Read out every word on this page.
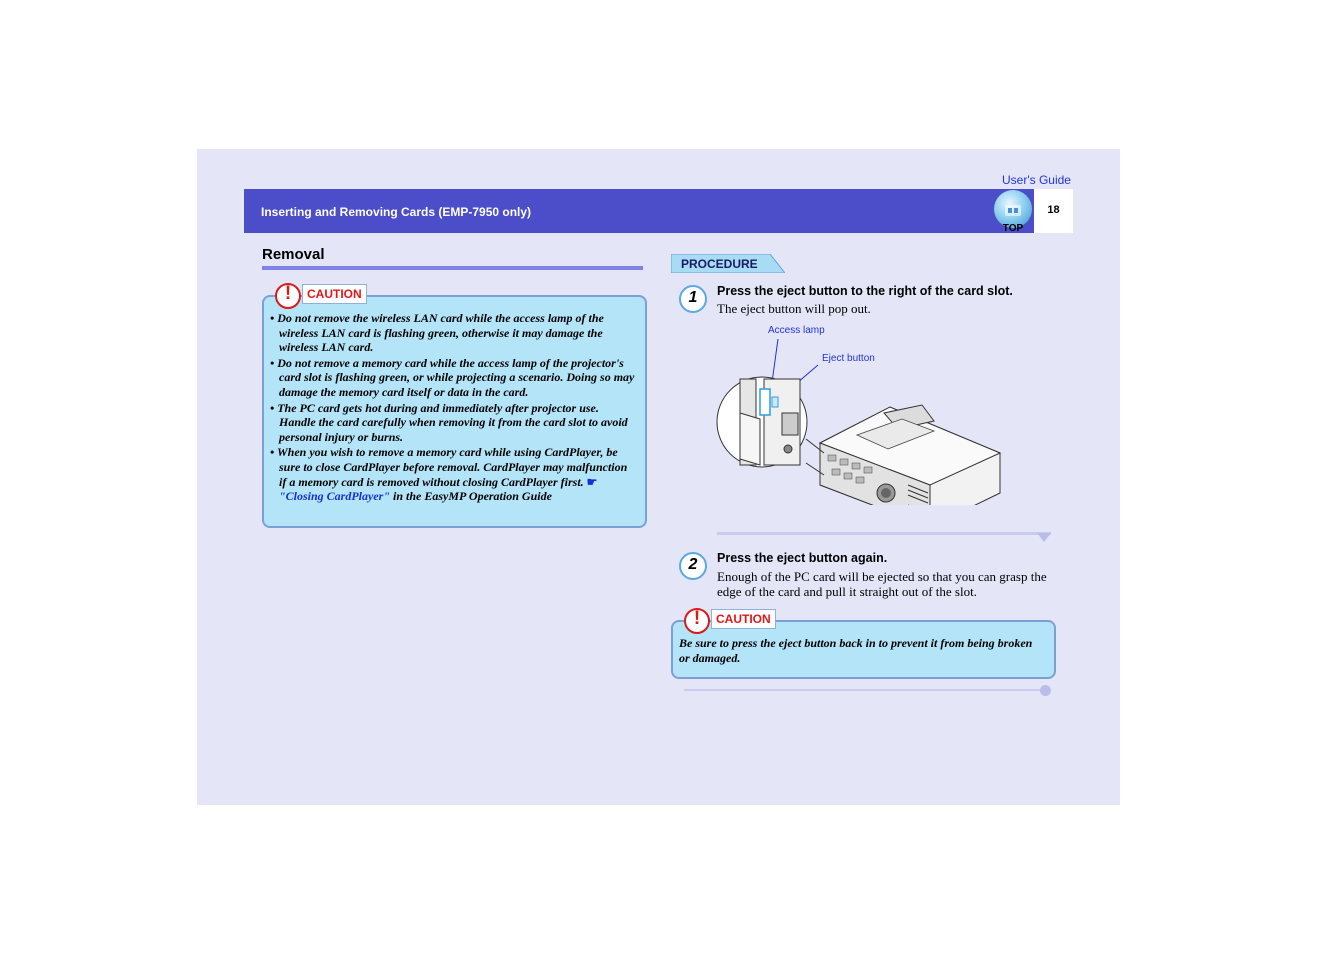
User's Guide
Inserting and Removing Cards (EMP-7950 only)	18
TOP
Removal
• Do not remove the wireless LAN card while the access lamp of the wireless LAN card is flashing green, otherwise it may damage the wireless LAN card.
• Do not remove a memory card while the access lamp of the projector's card slot is flashing green, or while projecting a scenario. Doing so may damage the memory card itself or data in the card.
• The PC card gets hot during and immediately after projector use. Handle the card carefully when removing it from the card slot to avoid personal injury or burns.
• When you wish to remove a memory card while using CardPlayer, be sure to close CardPlayer before removal. CardPlayer may malfunction if a memory card is removed without closing CardPlayer first. ☛ "Closing CardPlayer" in the EasyMP Operation Guide
!	CAUTION
PROCEDURE
1	Press the eject button to the right of the card slot.
The eject button will pop out.
Access lamp
Eject button
2	Press the eject button again.
Enough of the PC card will be ejected so that you can grasp the edge of the card and pull it straight out of the slot.
Be sure to press the eject button back in to prevent it from being broken or damaged.
!	CAUTION
